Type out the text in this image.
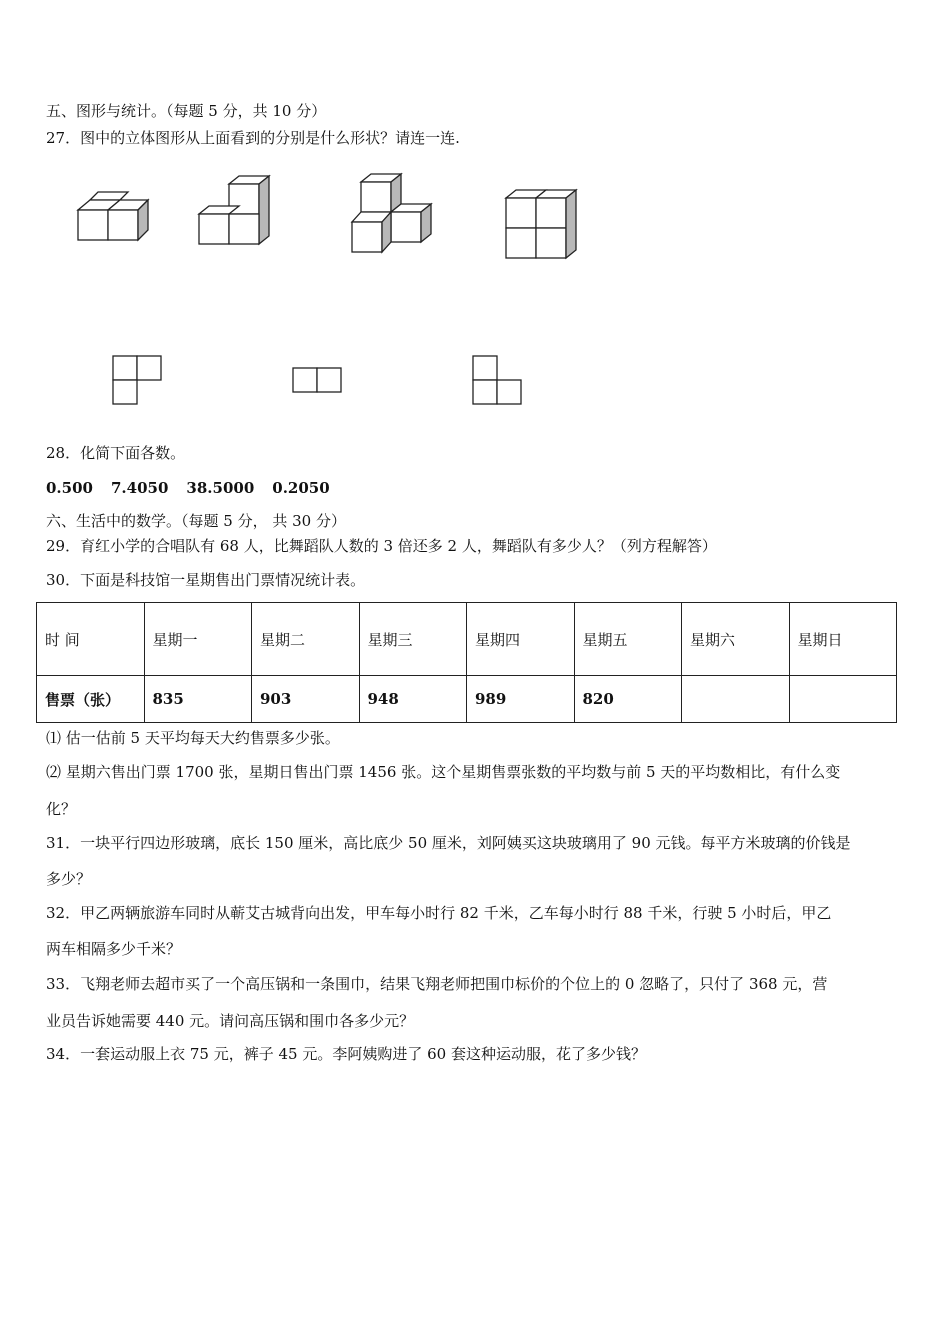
五、图形与统计。（每题 5 分，共 10 分）
27．图中的立体图形从上面看到的分别是什么形状？请连一连.
28．化简下面各数。
0.500 7.4050 38.5000 0.2050
六、生活中的数学。（每题 5 分， 共 30 分）
29．育红小学的合唱队有 68 人，比舞蹈队人数的 3 倍还多 2 人，舞蹈队有多少人？（列方程解答）
30．下面是科技馆一星期售出门票情况统计表。
时 间	星期一	星期二	星期三	星期四	星期五	星期六	星期日
售票（张）	835	903	948	989	820		
⑴ 估一估前 5 天平均每天大约售票多少张。
⑵ 星期六售出门票 1700 张，星期日售出门票 1456 张。这个星期售票张数的平均数与前 5 天的平均数相比，有什么变
化？
31．一块平行四边形玻璃，底长 150 厘米，高比底少 50 厘米，刘阿姨买这块玻璃用了 90 元钱。每平方米玻璃的价钱是
多少？
32．甲乙两辆旅游车同时从蕲艾古城背向出发，甲车每小时行 82 千米，乙车每小时行 88 千米，行驶 5 小时后，甲乙
两车相隔多少千米？
33．飞翔老师去超市买了一个高压锅和一条围巾，结果飞翔老师把围巾标价的个位上的 0 忽略了，只付了 368 元，营
业员告诉她需要 440 元。请问高压锅和围巾各多少元？
34．一套运动服上衣 75 元，裤子 45 元。李阿姨购进了 60 套这种运动服，花了多少钱？
